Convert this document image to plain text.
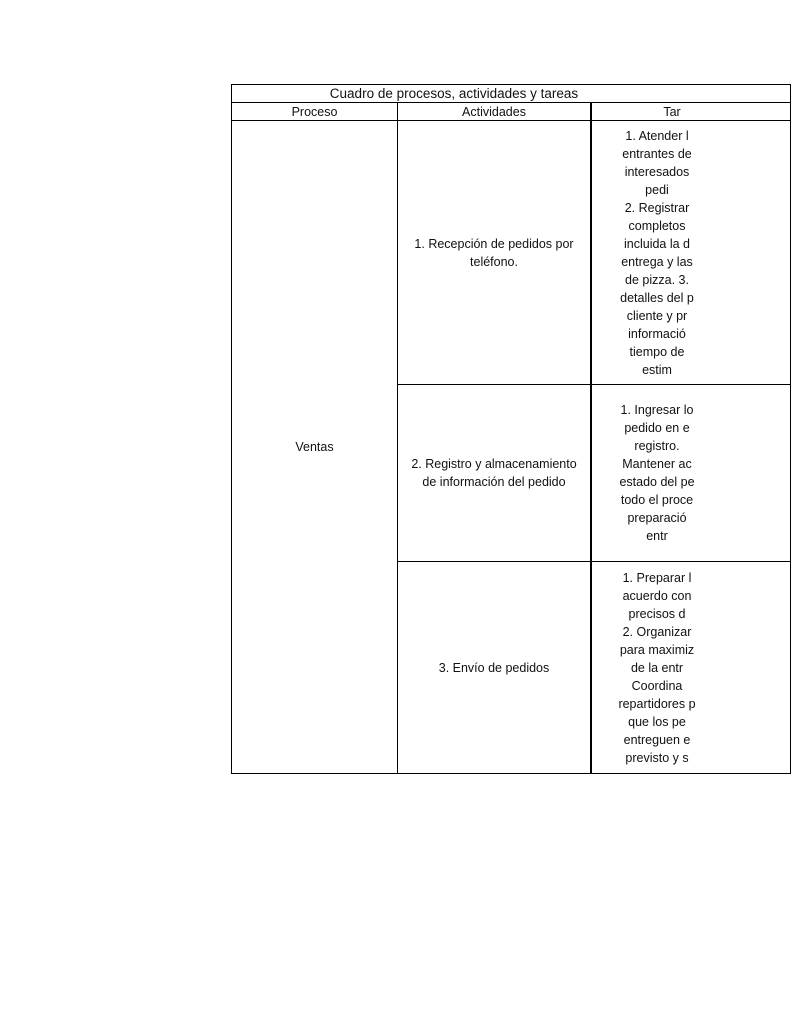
Cuadro de procesos, actividades y tareas
Proceso	Actividades	Tar
Ventas
1. Recepción de pedidos por teléfono.
1. Atender l
entrantes de
interesados
pedi
2. Registrar
completos
incluida la d
entrega y las
de pizza. 3.
detalles del p
cliente y pr
informació
tiempo de
estim
2. Registro y almacenamiento de información del pedido
1. Ingresar lo
pedido en e
registro.
Mantener ac
estado del pe
todo el proce
preparació
entr
3. Envío de pedidos
1. Preparar l
acuerdo con
precisos d
2. Organizar
para maximiz
de la entr
Coordina
repartidores p
que los pe
entreguen e
previsto y s
